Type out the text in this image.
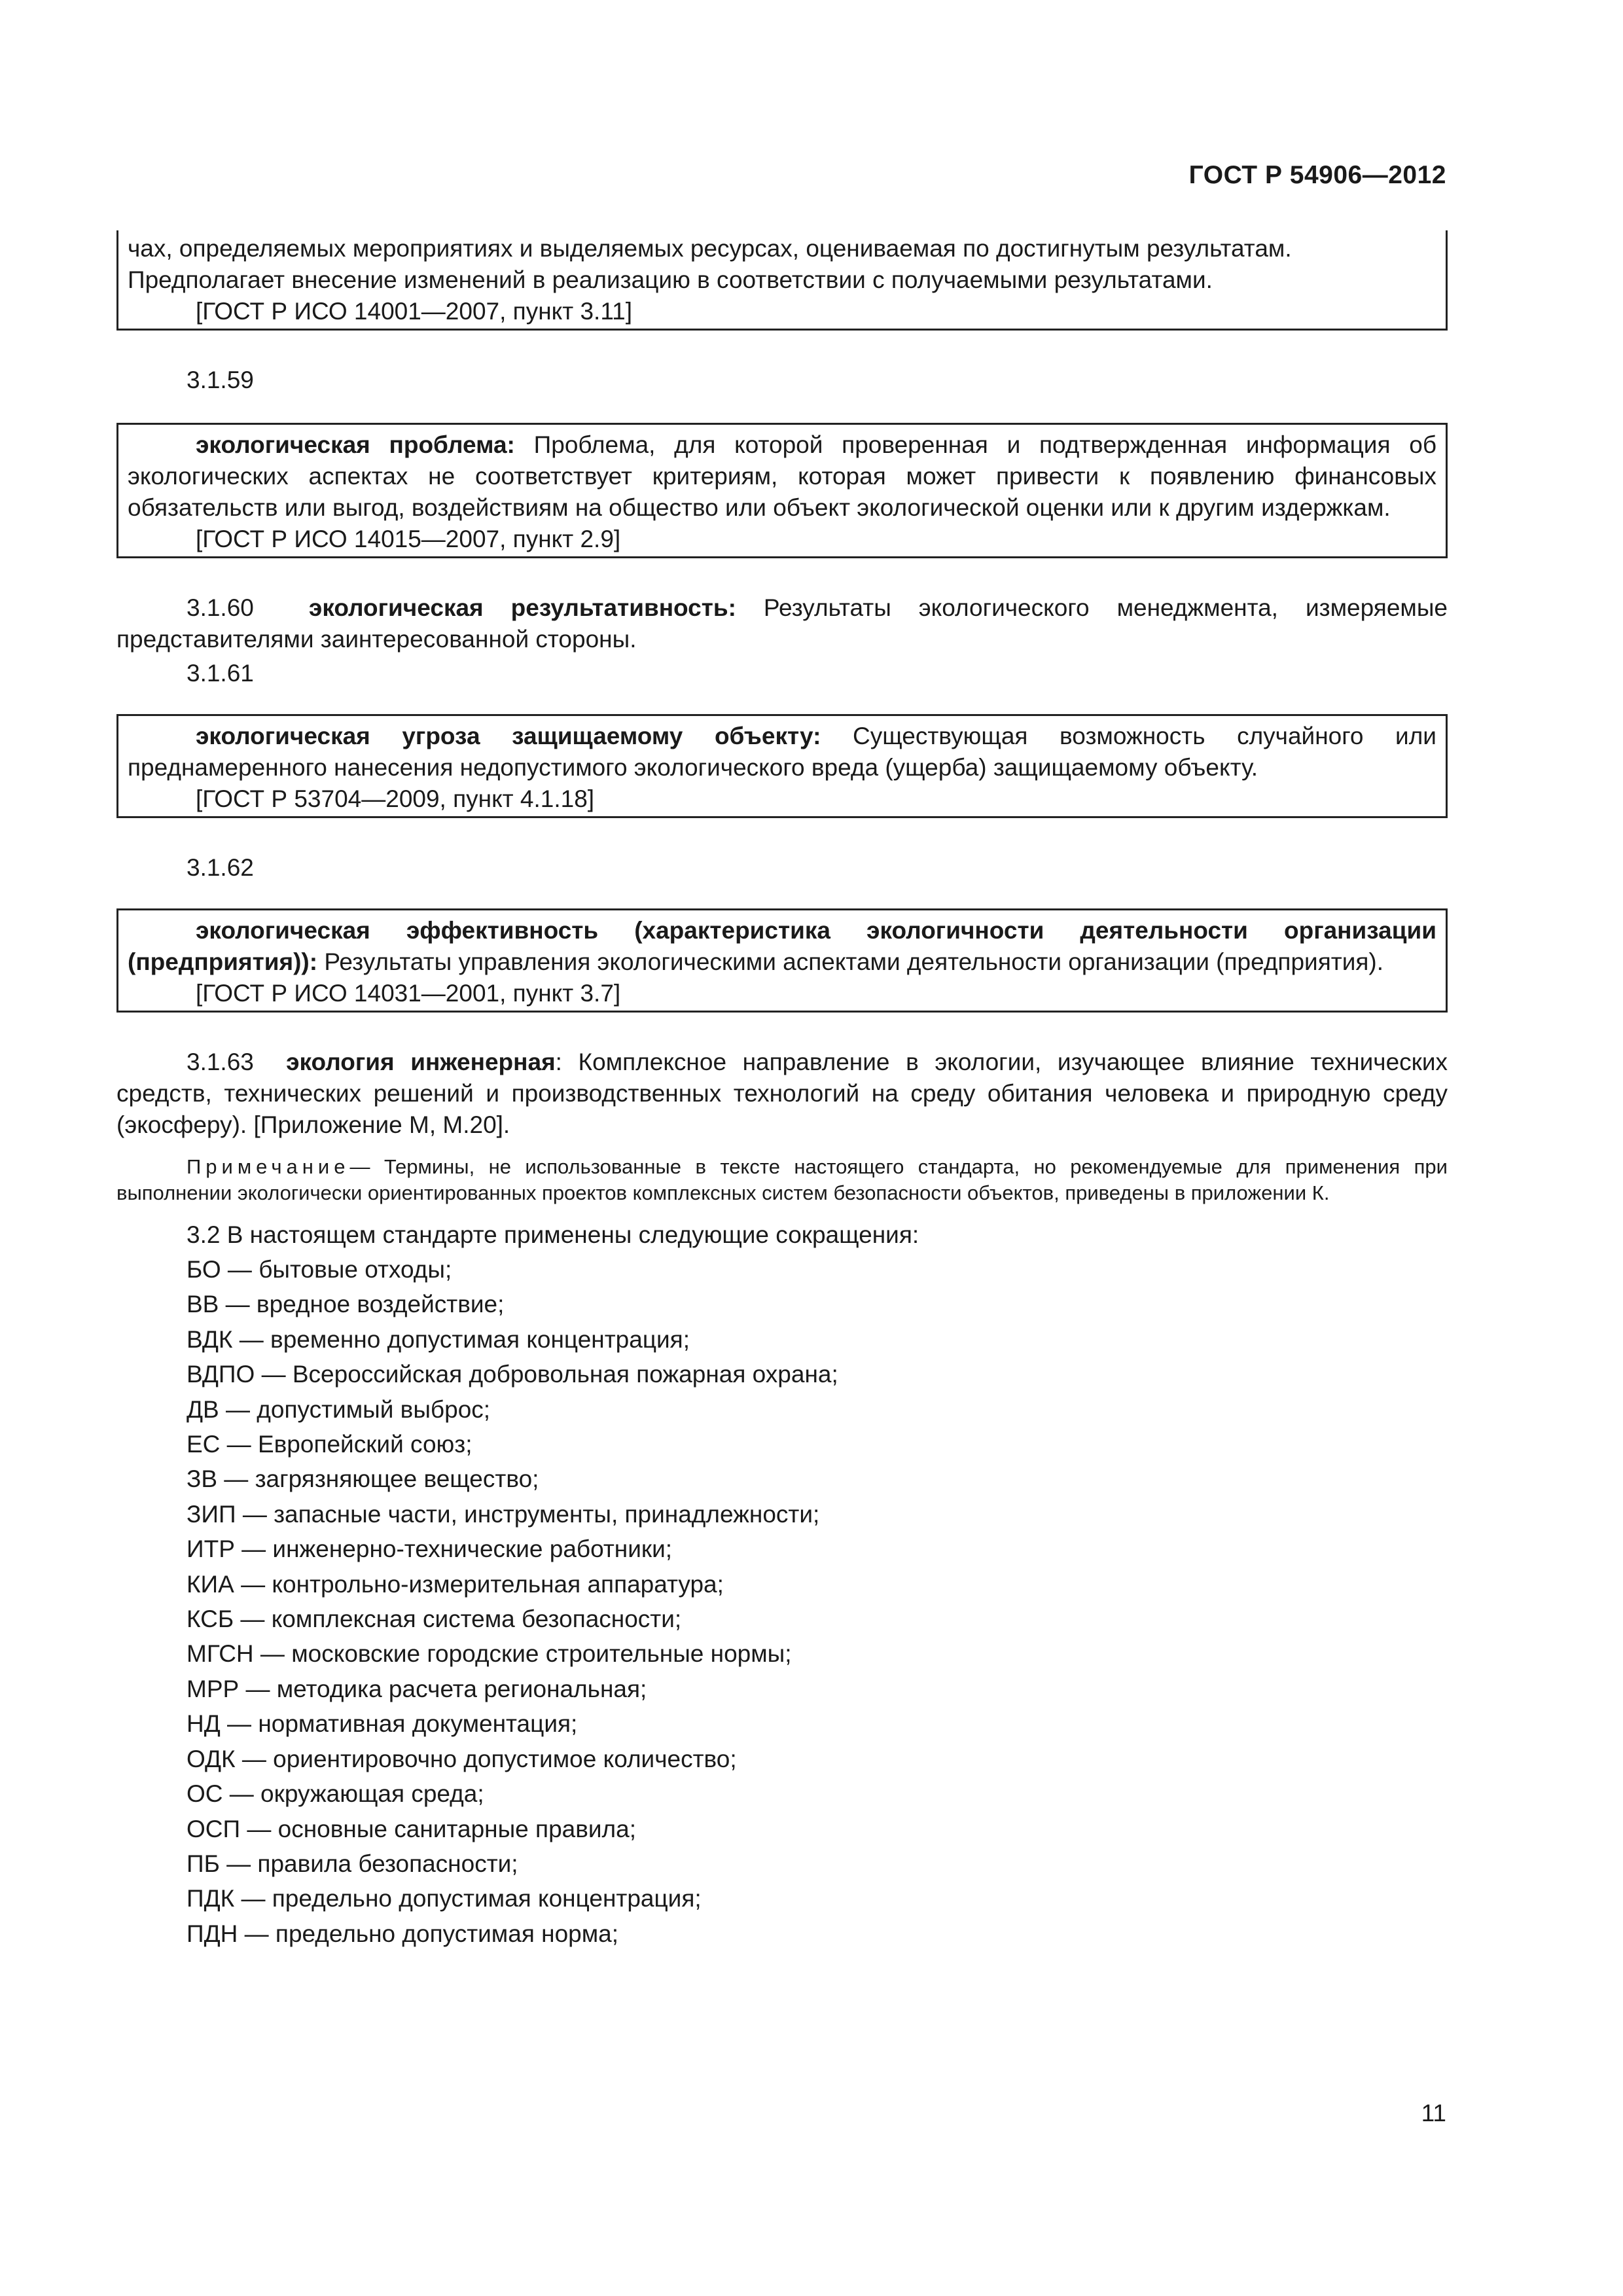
ГОСТ Р 54906—2012

чах, определяемых мероприятиях и выделяемых ресурсах, оцениваемая по достигнутым результатам.

Предполагает внесение изменений в реализацию в соответствии с получаемыми результатами.

[ГОСТ Р ИСО 14001—2007, пункт 3.11]

3.1.59

экологическая проблема: Проблема, для которой проверенная и подтвержденная информация об экологических аспектах не соответствует критериям, которая может привести к появлению финансовых обязательств или выгод, воздействиям на общество или объект экологической оценки или к другим издержкам.

[ГОСТ Р ИСО 14015—2007, пункт 2.9]

3.1.60 экологическая результативность: Результаты экологического менеджмента, измеряемые представителями заинтересованной стороны.

3.1.61

экологическая угроза защищаемому объекту: Существующая возможность случайного или преднамеренного нанесения недопустимого экологического вреда (ущерба) защищаемому объекту.

[ГОСТ Р 53704—2009, пункт 4.1.18]

3.1.62

экологическая эффективность (характеристика экологичности деятельности организации (предприятия)): Результаты управления экологическими аспектами деятельности организации (предприятия).

[ГОСТ Р ИСО 14031—2001, пункт 3.7]

3.1.63 экология инженерная: Комплексное направление в экологии, изучающее влияние технических средств, технических решений и производственных технологий на среду обитания человека и природную среду (экосферу). [Приложение М, М.20].

Примечание— Термины, не использованные в тексте настоящего стандарта, но рекомендуемые для применения при выполнении экологически ориентированных проектов комплексных систем безопасности объектов, приведены в приложении К.

3.2 В настоящем стандарте применены следующие сокращения:

БО — бытовые отходы;
ВВ — вредное воздействие;
ВДК — временно допустимая концентрация;
ВДПО — Всероссийская добровольная пожарная охрана;
ДВ — допустимый выброс;
ЕС — Европейский союз;
ЗВ — загрязняющее вещество;
ЗИП — запасные части, инструменты, принадлежности;
ИТР — инженерно-технические работники;
КИА — контрольно-измерительная аппаратура;
КСБ — комплексная система безопасности;
МГСН — московские городские строительные нормы;
МРР — методика расчета региональная;
НД — нормативная документация;
ОДК — ориентировочно допустимое количество;
ОС — окружающая среда;
ОСП — основные санитарные правила;
ПБ — правила безопасности;
ПДК — предельно допустимая концентрация;
ПДН — предельно допустимая норма;
11
